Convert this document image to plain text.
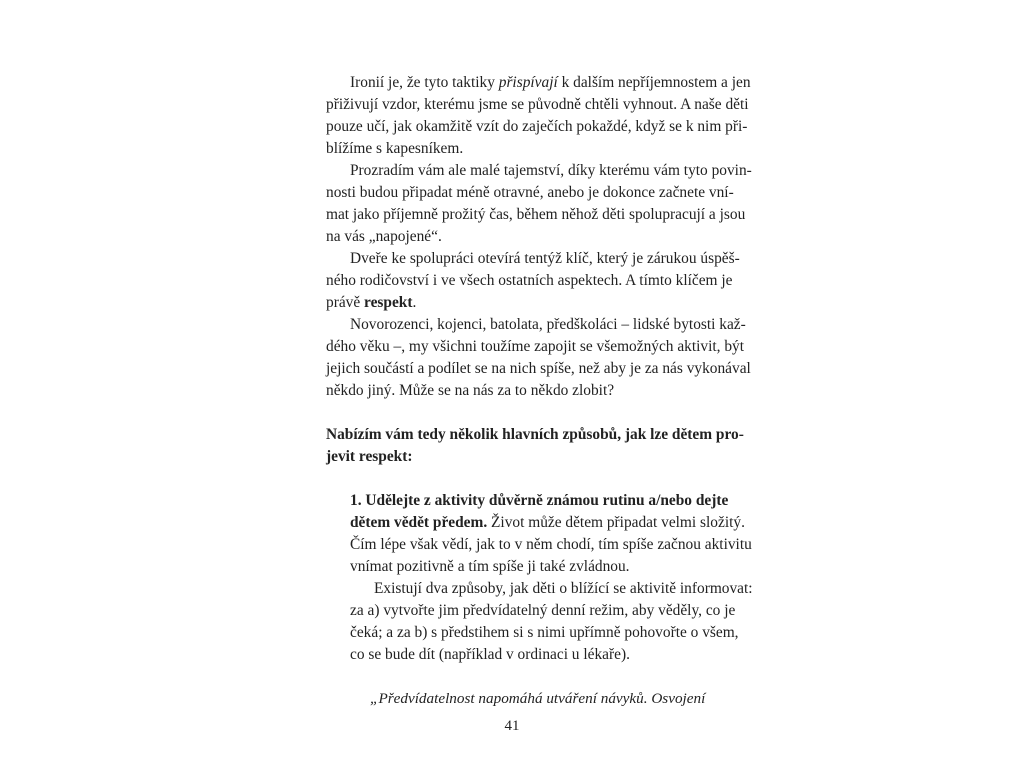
Ironií je, že tyto taktiky přispívají k dalším nepříjemnostem a jen
přiživují vzdor, kterému jsme se původně chtěli vyhnout. A naše děti
pouze učí, jak okamžitě vzít do zaječích pokaždé, když se k nim při-
blížíme s kapesníkem.
Prozradím vám ale malé tajemství, díky kterému vám tyto povin-
nosti budou připadat méně otravné, anebo je dokonce začnete vní-
mat jako příjemně prožitý čas, během něhož děti spolupracují a jsou
na vás „napojené“.
Dveře ke spolupráci otevírá tentýž klíč, který je zárukou úspěš-
ného rodičovství i ve všech ostatních aspektech. A tímto klíčem je
právě respekt.
Novorozenci, kojenci, batolata, předškoláci – lidské bytosti kaž-
dého věku –, my všichni toužíme zapojit se všemožných aktivit, být
jejich součástí a podílet se na nich spíše, než aby je za nás vykonával
někdo jiný. Může se na nás za to někdo zlobit?
Nabízím vám tedy několik hlavních způsobů, jak lze dětem pro-
jevit respekt:
1. Udělejte z aktivity důvěrně známou rutinu a/nebo dejte
dětem vědět předem. Život může dětem připadat velmi složitý.
Čím lépe však vědí, jak to v něm chodí, tím spíše začnou aktivitu
vnímat pozitivně a tím spíše ji také zvládnou.
Existují dva způsoby, jak děti o blížící se aktivitě informovat:
za a) vytvořte jim předvídatelný denní režim, aby věděly, co je
čeká; a za b) s předstihem si s nimi upřímně pohovořte o všem,
co se bude dít (například v ordinaci u lékaře).
„Předvídatelnost napomáhá utváření návyků. Osvojení
41
